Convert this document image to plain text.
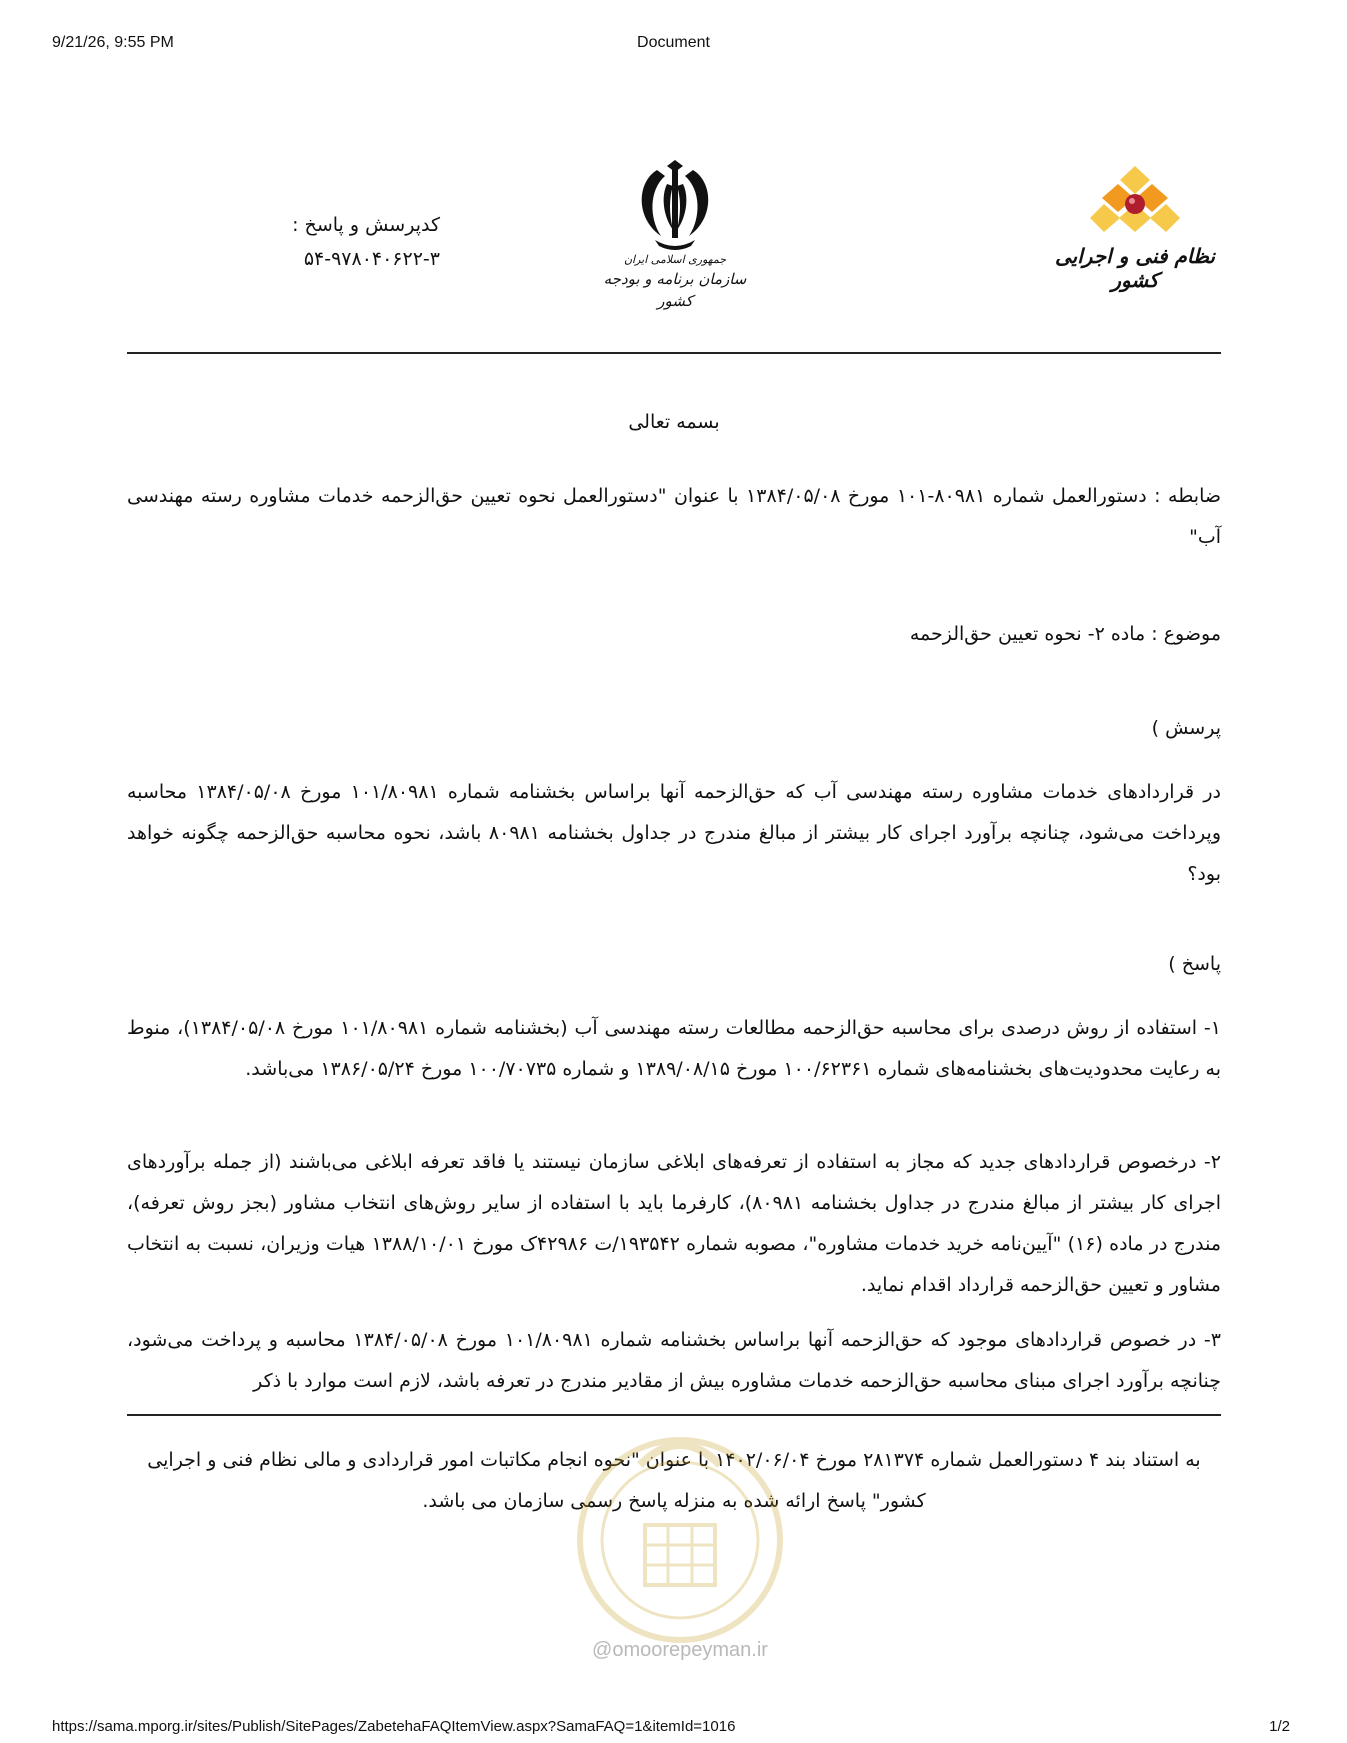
9/21/26, 9:55 PM	Document
کدپرسش و پاسخ :
۵۴-۹۷۸۰۴۰۶۲۲-۳	جمهوری اسلامی ایران
سازمان برنامه و بودجه کشور
نظام فنی و اجرایی کشور

بسمه تعالی

ضابطه : دستورالعمل شماره ۸۰۹۸۱-۱۰۱ مورخ ۱۳۸۴/۰۵/۰۸ با عنوان "دستورالعمل نحوه تعیین حق‌الزحمه خدمات مشاوره رسته مهندسی آب"

موضوع : ماده ۲- نحوه تعیین حق‌الزحمه

پرسش )

در قراردادهای خدمات مشاوره رسته مهندسی آب که حق‌الزحمه آنها براساس بخشنامه شماره ۱۰۱/۸۰۹۸۱ مورخ ۱۳۸۴/۰۵/۰۸ محاسبه وپرداخت می‌شود، چنانچه برآورد اجرای کار بیشتر از مبالغ مندرج در جداول بخشنامه ۸۰۹۸۱ باشد، نحوه محاسبه حق‌الزحمه چگونه خواهد بود؟

پاسخ )

۱- استفاده از روش درصدی برای محاسبه حق‌الزحمه مطالعات رسته مهندسی آب (بخشنامه شماره ۱۰۱/۸۰۹۸۱ مورخ ۱۳۸۴/۰۵/۰۸)، منوط به رعایت محدودیت‌های بخشنامه‌های شماره ۱۰۰/۶۲۳۶۱ مورخ ۱۳۸۹/۰۸/۱۵ و شماره ۱۰۰/۷۰۷۳۵ مورخ ۱۳۸۶/۰۵/۲۴ می‌باشد.

۲- درخصوص قراردادهای جدید که مجاز به استفاده از تعرفه‌های ابلاغی سازمان نیستند یا فاقد تعرفه ابلاغی می‌باشند (از جمله برآوردهای اجرای کار بیشتر از مبالغ مندرج در جداول بخشنامه ۸۰۹۸۱)، کارفرما باید با استفاده از سایر روش‌های انتخاب مشاور (بجز روش تعرفه)، مندرج در ماده (۱۶) "آیین‌نامه خرید خدمات مشاوره"، مصوبه شماره ۱۹۳۵۴۲/ت ۴۲۹۸۶ک مورخ ۱۳۸۸/۱۰/۰۱ هیات وزیران، نسبت به انتخاب مشاور و تعیین حق‌الزحمه قرارداد اقدام نماید.

۳- در خصوص قراردادهای موجود که حق‌الزحمه آنها براساس بخشنامه شماره ۱۰۱/۸۰۹۸۱ مورخ ۱۳۸۴/۰۵/۰۸ محاسبه و پرداخت می‌شود، چنانچه برآورد اجرای مبنای محاسبه حق‌الزحمه خدمات مشاوره بیش از مقادیر مندرج در تعرفه باشد، لازم است موارد با ذکر

به استناد بند ۴ دستورالعمل شماره ۲۸۱۳۷۴ مورخ ۱۴۰۲/۰۶/۰۴ با عنوان "نحوه انجام مکاتبات امور قراردادی و مالی نظام فنی و اجرایی کشور" پاسخ ارائه شده به منزله پاسخ رسمی سازمان می باشد.

@omoorepeyman.ir
https://sama.mporg.ir/sites/Publish/SitePages/ZabetehaFAQItemView.aspx?SamaFAQ=1&itemId=1016	1/2
